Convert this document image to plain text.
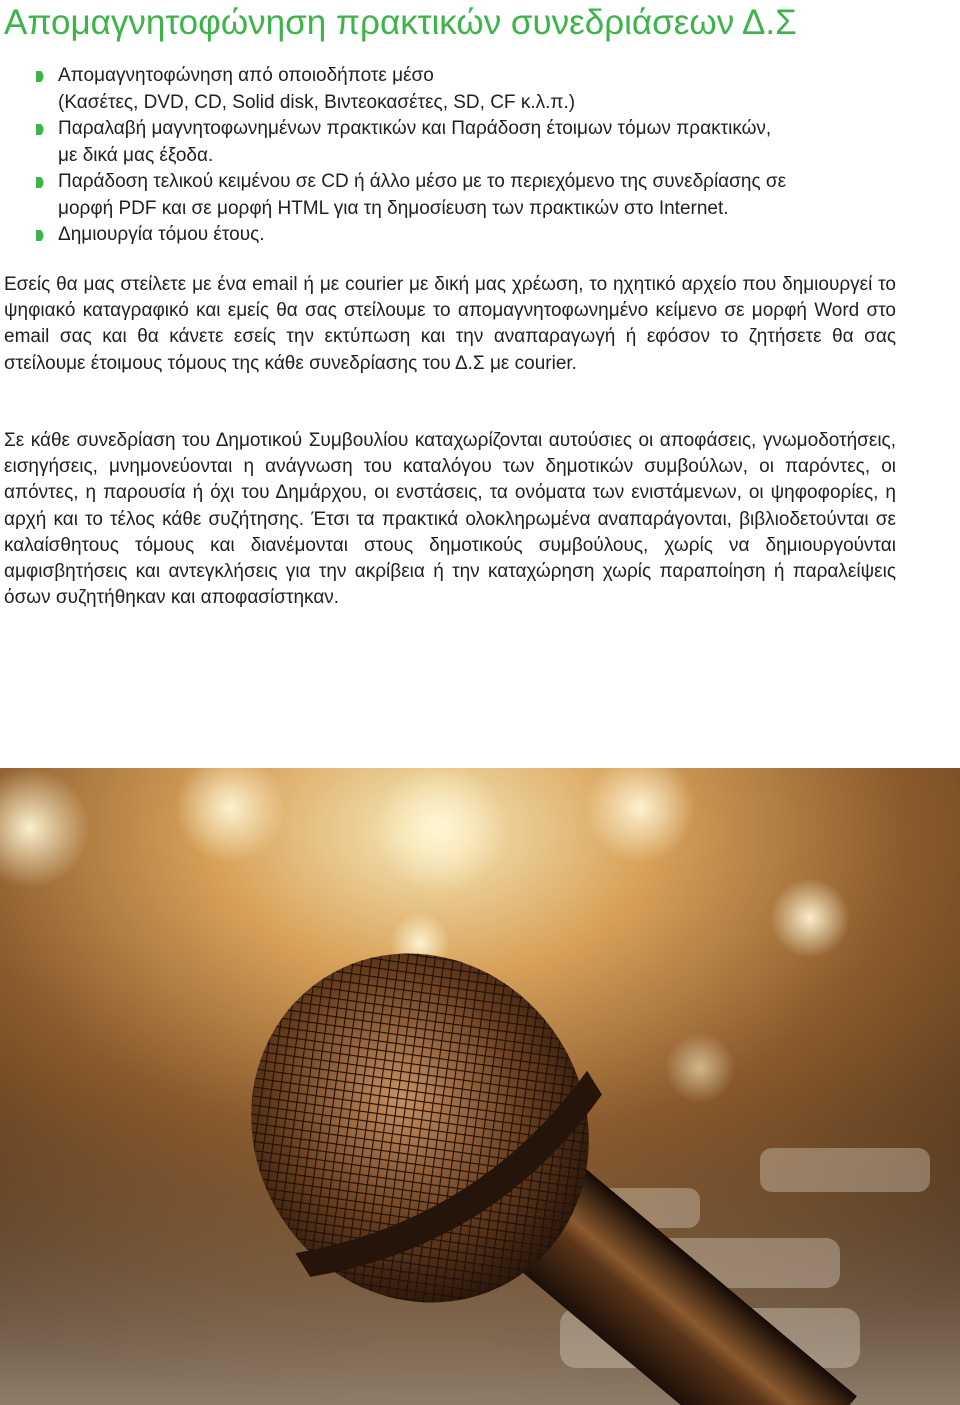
Απομαγνητοφώνηση πρακτικών συνεδριάσεων Δ.Σ
Απομαγνητοφώνηση από οποιοδήποτε μέσο
(Κασέτες, DVD, CD, Solid disk, Βιντεοκασέτες, SD, CF κ.λ.π.)
Παραλαβή μαγνητοφωνημένων πρακτικών και Παράδοση έτοιμων τόμων πρακτικών,
με δικά μας έξοδα.
Παράδοση τελικού κειμένου σε CD ή άλλο μέσο με το περιεχόμενο της συνεδρίασης σε
μορφή PDF και σε μορφή HTML για τη δημοσίευση των πρακτικών στο Internet.
Δημιουργία τόμου έτους.

Εσείς θα μας στείλετε με ένα email ή με courier με δική μας χρέωση, το ηχητικό αρχείο που δημιουργεί το ψηφιακό καταγραφικό και εμείς θα σας στείλουμε το απομαγνητοφωνημένο κείμενο σε μορφή Word στο email σας και θα κάνετε εσείς την εκτύπωση και την αναπαραγωγή ή εφόσον το ζητήσετε θα σας στείλουμε έτοιμους τόμους της κάθε συνεδρίασης του Δ.Σ με courier.

Σε κάθε συνεδρίαση του Δημοτικού Συμβουλίου καταχωρίζονται αυτούσιες οι αποφάσεις, γνωμοδοτήσεις, εισηγήσεις, μνημονεύονται η ανάγνωση του καταλόγου των δημοτικών συμβούλων, οι παρόντες, οι απόντες, η παρουσία ή όχι του Δημάρχου, οι ενστάσεις, τα ονόματα των ενιστάμενων, οι ψηφοφορίες, η αρχή και το τέλος κάθε συζήτησης. Έτσι τα πρακτικά ολοκληρωμένα αναπαράγονται, βιβλιοδετούνται σε καλαίσθητους τόμους και διανέμονται στους δημοτικούς συμβούλους, χωρίς να δημιουργούνται αμφισβητήσεις και αντεγκλήσεις για την ακρίβεια ή την καταχώρηση χωρίς παραποίηση ή παραλείψεις όσων συζητήθηκαν και αποφασίστηκαν.
